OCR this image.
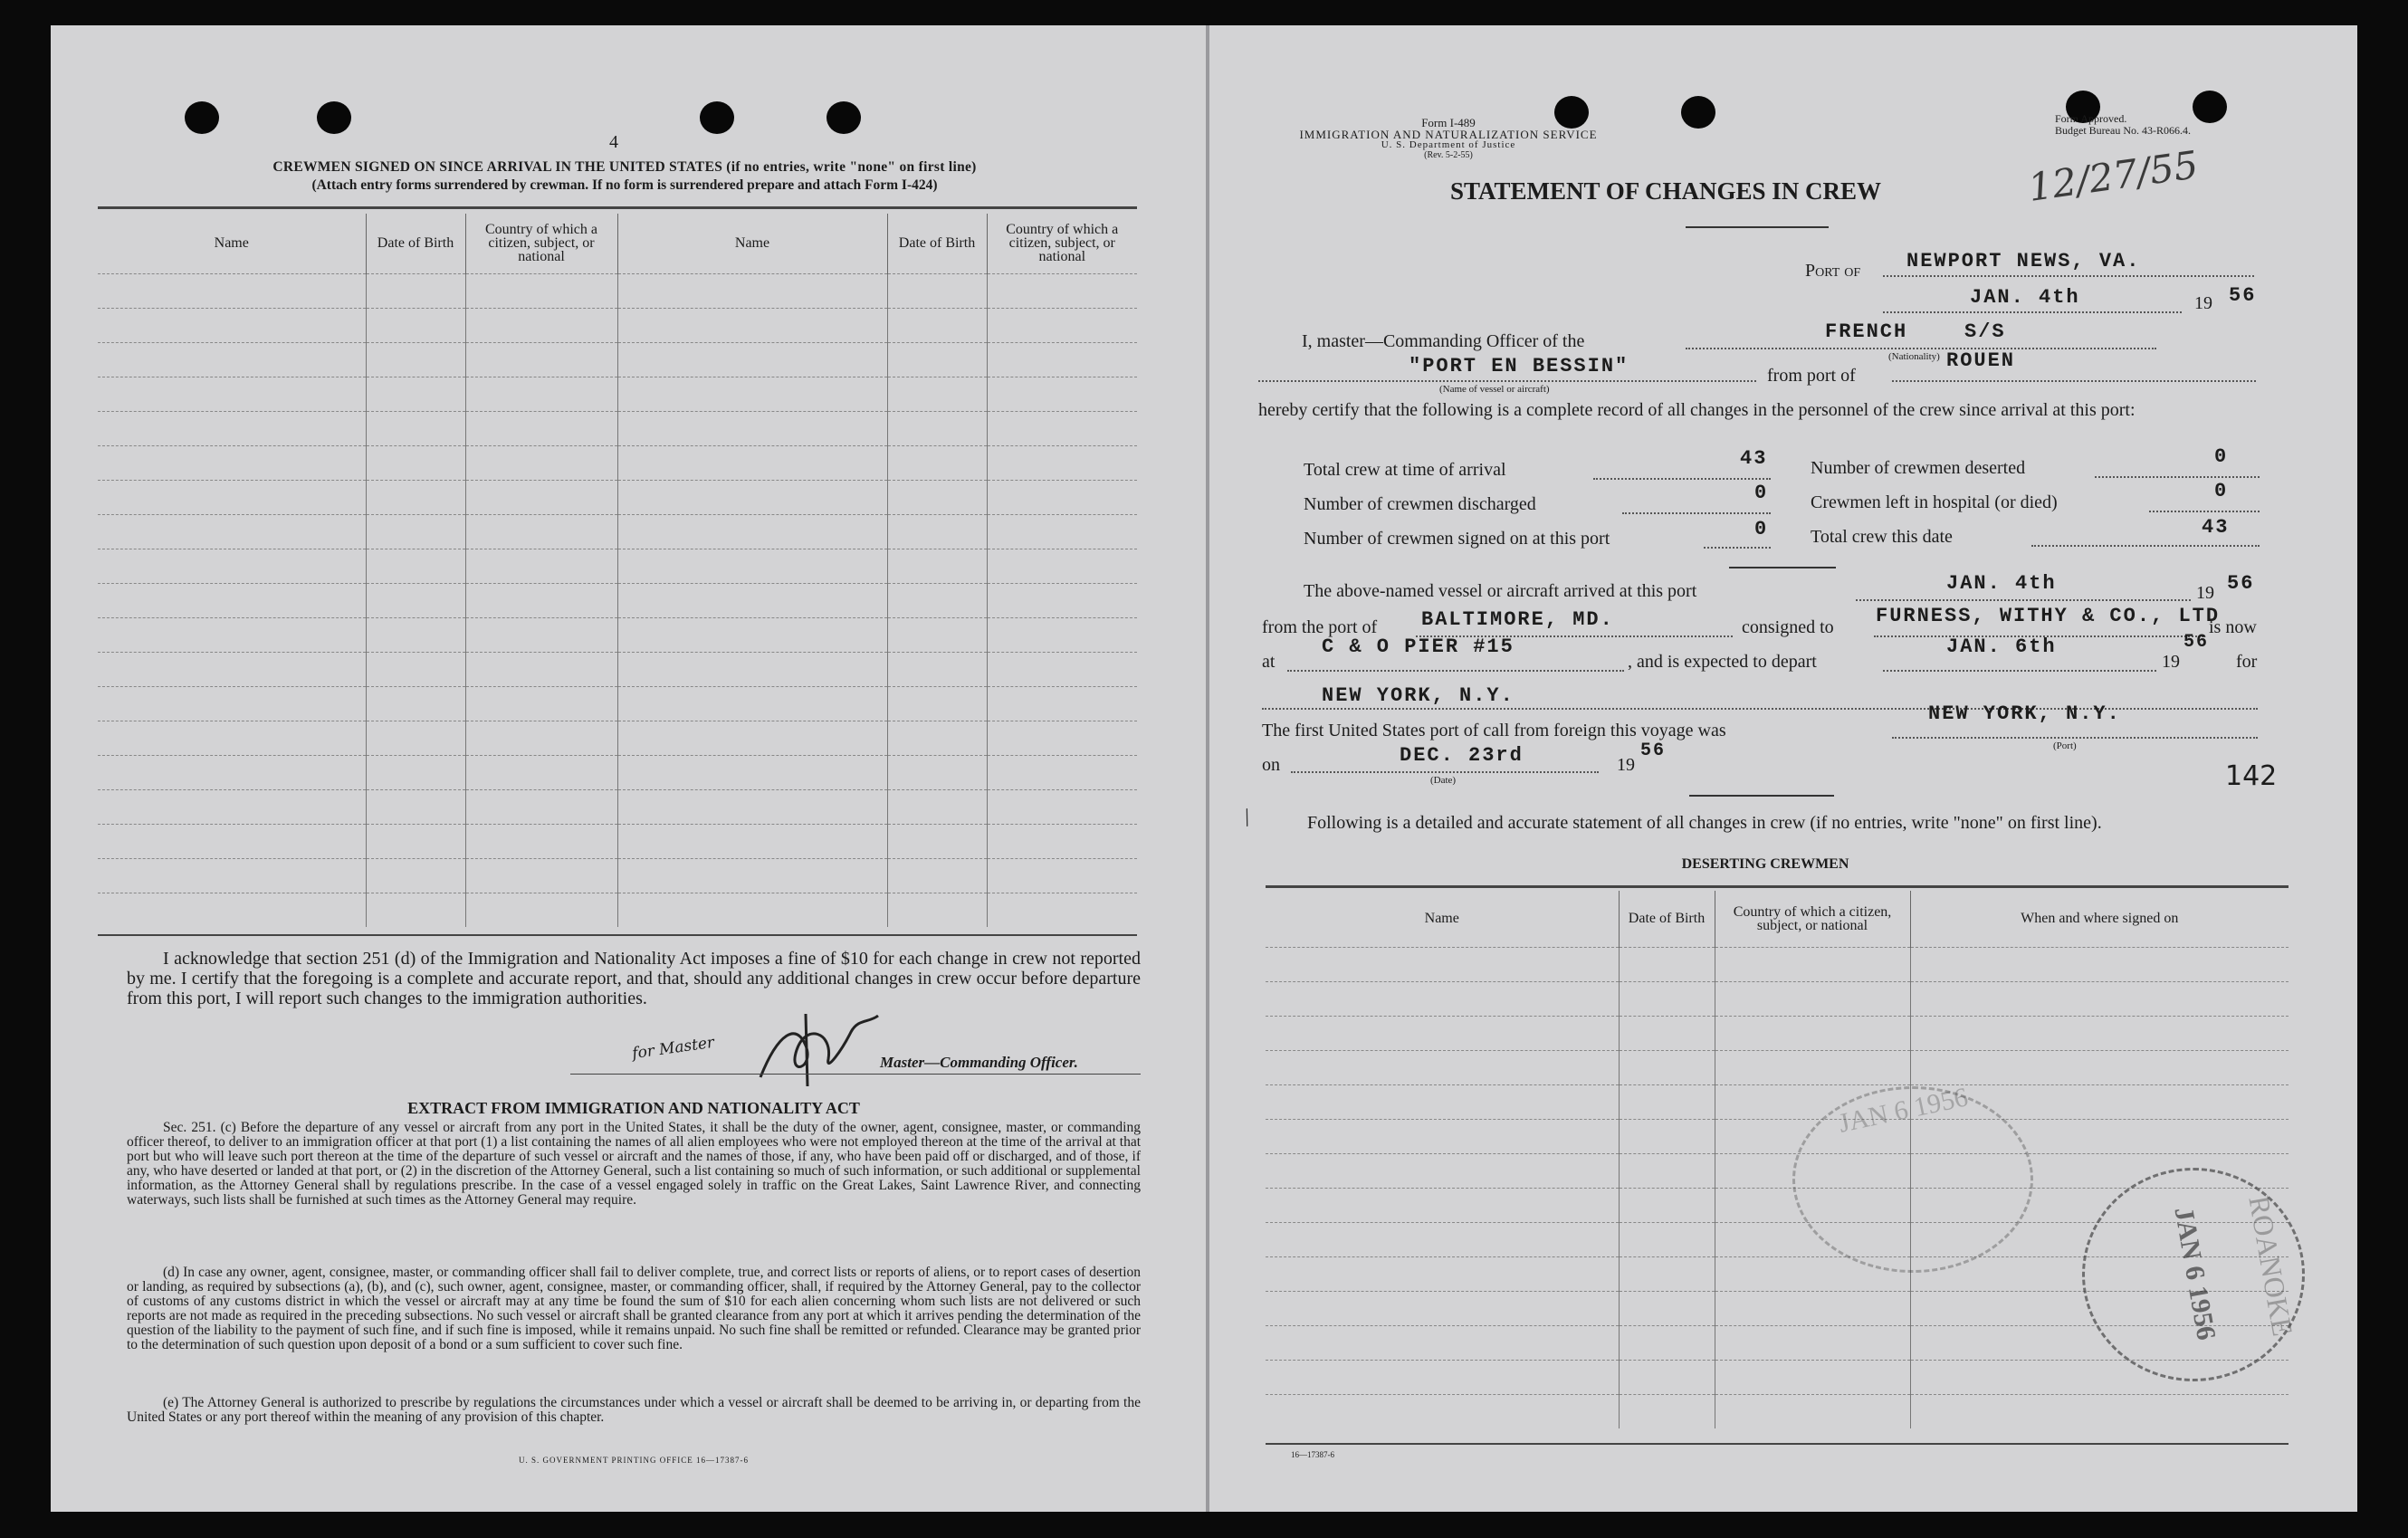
4
CREWMEN SIGNED ON SINCE ARRIVAL IN THE UNITED STATES (if no entries, write "none" on first line)
(Attach entry forms surrendered by crewman. If no form is surrendered prepare and attach Form I-424)
Name	Date of Birth	Country of which a citizen, subject, or national	Name	Date of Birth	Country of which a citizen, subject, or national

I acknowledge that section 251 (d) of the Immigration and Nationality Act imposes a fine of $10 for each change in crew not reported by me. I certify that the foregoing is a complete and accurate report, and that, should any additional changes in crew occur before departure from this port, I will report such changes to the immigration authorities.
for Master	Master—Commanding Officer.
EXTRACT FROM IMMIGRATION AND NATIONALITY ACT
Sec. 251. (c) Before the departure of any vessel or aircraft from any port in the United States, it shall be the duty of the owner, agent, consignee, master, or commanding officer thereof, to deliver to an immigration officer at that port (1) a list containing the names of all alien employees who were not employed thereon at the time of the arrival at that port but who will leave such port thereon at the time of the departure of such vessel or aircraft and the names of those, if any, who have been paid off or discharged, and of those, if any, who have deserted or landed at that port, or (2) in the discretion of the Attorney General, such a list containing so much of such information, or such additional or supplemental information, as the Attorney General shall by regulations prescribe. In the case of a vessel engaged solely in traffic on the Great Lakes, Saint Lawrence River, and connecting waterways, such lists shall be furnished at such times as the Attorney General may require.
(d) In case any owner, agent, consignee, master, or commanding officer shall fail to deliver complete, true, and correct lists or reports of aliens, or to report cases of desertion or landing, as required by subsections (a), (b), and (c), such owner, agent, consignee, master, or commanding officer, shall, if required by the Attorney General, pay to the collector of customs of any customs district in which the vessel or aircraft may at any time be found the sum of $10 for each alien concerning whom such lists are not delivered or such reports are not made as required in the preceding subsections. No such vessel or aircraft shall be granted clearance from any port at which it arrives pending the determination of the question of the liability to the payment of such fine, and if such fine is imposed, while it remains unpaid. No such fine shall be remitted or refunded. Clearance may be granted prior to the determination of such question upon deposit of a bond or a sum sufficient to cover such fine.
(e) The Attorney General is authorized to prescribe by regulations the circumstances under which a vessel or aircraft shall be deemed to be arriving in, or departing from the United States or any port thereof within the meaning of any provision of this chapter.
U. S. GOVERNMENT PRINTING OFFICE 16—17387-6
Form I-489
IMMIGRATION AND NATURALIZATION SERVICE
U. S. Department of Justice
(Rev. 5-2-55)
Form Approved.
Budget Bureau No. 43-R066.4.
12/27/55
STATEMENT OF CHANGES IN CREW
Port of NEWPORT NEWS, VA.
JAN. 4th	19 56
I, master—Commanding Officer of the	FRENCH	S/S
(Nationality)
"PORT EN BESSIN"	from port of
ROUEN
(Name of vessel or aircraft)
hereby certify that the following is a complete record of all changes in the personnel of the crew since arrival at this port:
Total crew at time of arrival	43 Number of crewmen deserted	0
Number of crewmen discharged	0 Crewmen left in hospital (or died)	0
Number of crewmen signed on at this port	0 Total crew this date	43
The above-named vessel or aircraft arrived at this port	JAN. 4th	19 56
from the port of BALTIMORE, MD.	consigned to FURNESS, WITHY & CO., LTD
is now
at
C & O PIER #15
, and is expected to depart
JAN. 6th
19
56
for
NEW YORK, N.Y.
The first United States port of call from foreign this voyage was
NEW YORK, N.Y.
(Port)
on	DEC. 23rd	19
56
(Date)	142
/	Following is a detailed and accurate statement of all changes in crew (if no entries, write "none" on first line).
DESERTING CREWMEN
Name	Date of Birth	Country of which a citizen, subject, or national	When and where signed on

16—17387-6
JAN 6 1956
JAN 6 1956 ROANOKE
